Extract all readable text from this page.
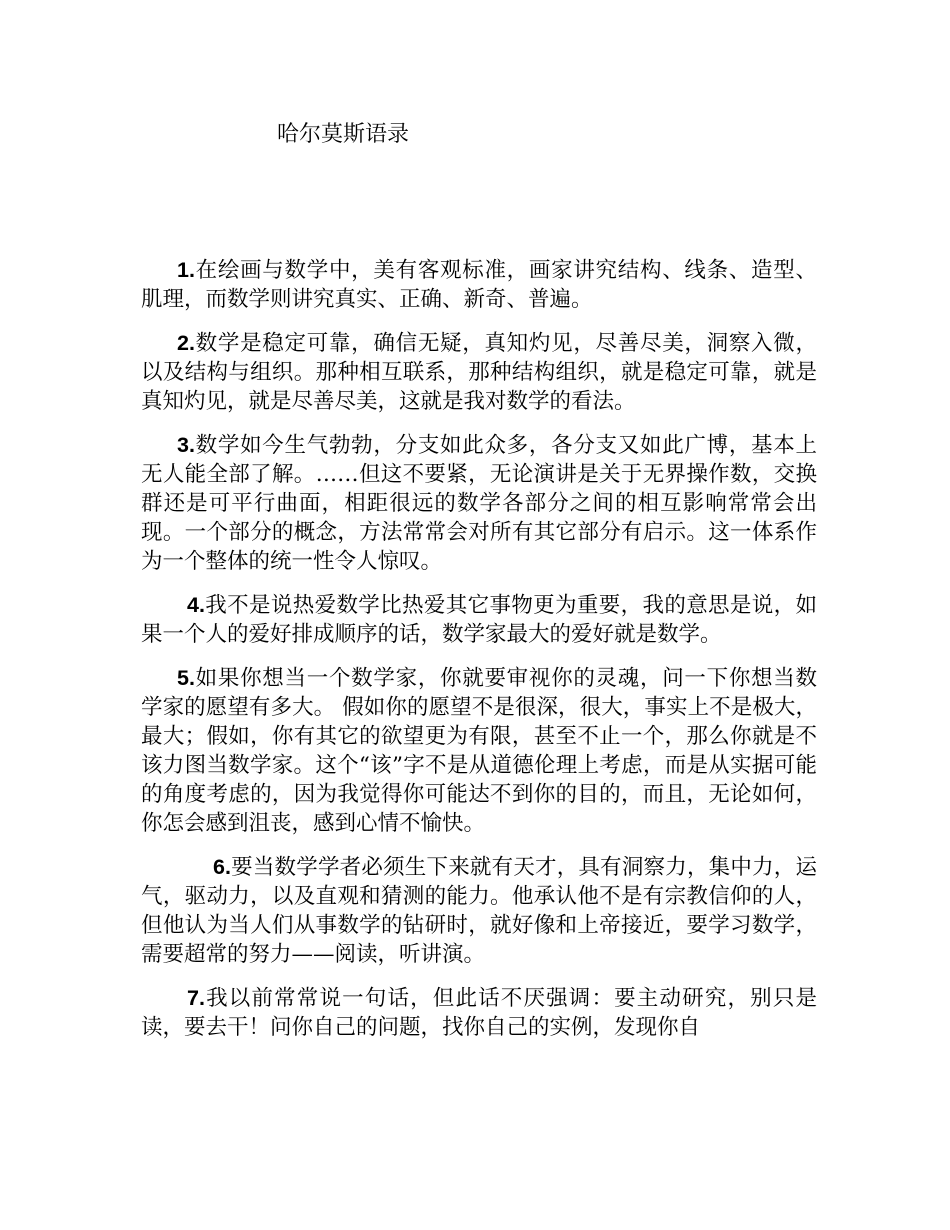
哈尔莫斯语录

1.在绘画与数学中，美有客观标准，画家讲究结构、线条、造型、肌理，而数学则讲究真实、正确、新奇、普遍。

2.数学是稳定可靠，确信无疑，真知灼见，尽善尽美，洞察入微，以及结构与组织。那种相互联系，那种结构组织，就是稳定可靠，就是真知灼见，就是尽善尽美，这就是我对数学的看法。

3.数学如今生气勃勃，分支如此众多，各分支又如此广博，基本上无人能全部了解。……但这不要紧，无论演讲是关于无界操作数，交换群还是可平行曲面，相距很远的数学各部分之间的相互影响常常会出现。一个部分的概念，方法常常会对所有其它部分有启示。这一体系作为一个整体的统一性令人惊叹。

4.我不是说热爱数学比热爱其它事物更为重要，我的意思是说，如果一个人的爱好排成顺序的话，数学家最大的爱好就是数学。

5.如果你想当一个数学家，你就要审视你的灵魂，问一下你想当数学家的愿望有多大。 假如你的愿望不是很深，很大，事实上不是极大，最大；假如，你有其它的欲望更为有限，甚至不止一个，那么你就是不该力图当数学家。这个“该”字不是从道德伦理上考虑，而是从实据可能的角度考虑的，因为我觉得你可能达不到你的目的，而且，无论如何，你怎会感到沮丧，感到心情不愉快。

6.要当数学学者必须生下来就有天才，具有洞察力，集中力，运气，驱动力，以及直观和猜测的能力。他承认他不是有宗教信仰的人，但他认为当人们从事数学的钻研时，就好像和上帝接近，要学习数学，需要超常的努力——阅读，听讲演。

7.我以前常常说一句话，但此话不厌强调：要主动研究，别只是读，要去干！问你自己的问题，找你自己的实例，发现你自
